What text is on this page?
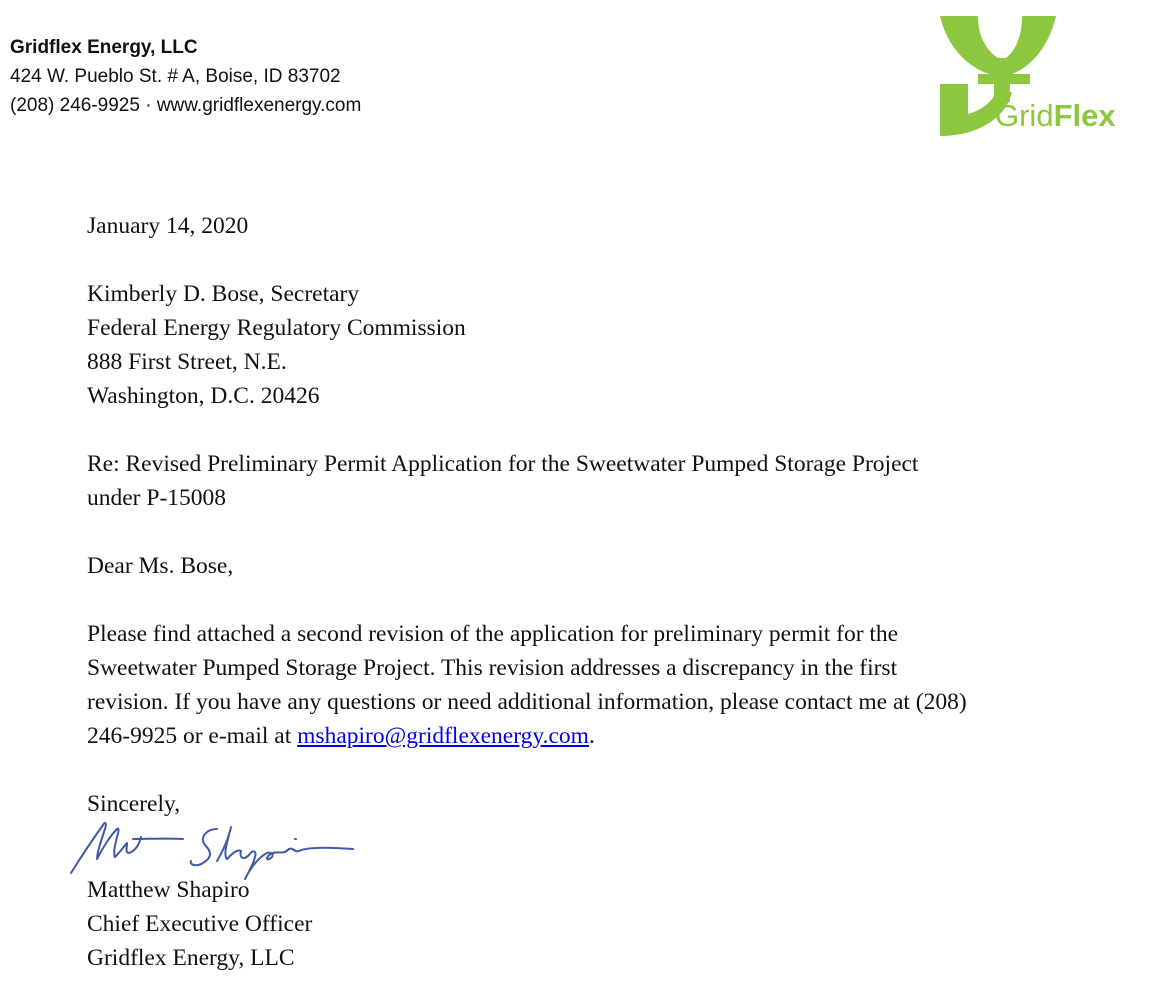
Gridflex Energy, LLC
424 W. Pueblo St. # A, Boise, ID 83702
(208) 246-9925 · www.gridflexenergy.com	GridFlex

January 14, 2020

Kimberly D. Bose, Secretary
Federal Energy Regulatory Commission
888 First Street, N.E.
Washington, D.C. 20426

Re: Revised Preliminary Permit Application for the Sweetwater Pumped Storage Project
under P-15008

Dear Ms. Bose,

Please find attached a second revision of the application for preliminary permit for the
Sweetwater Pumped Storage Project. This revision addresses a discrepancy in the first
revision. If you have any questions or need additional information, please contact me at (208)
246-9925 or e-mail at mshapiro@gridflexenergy.com.

Sincerely,

Matthew Shapiro
Chief Executive Officer
Gridflex Energy, LLC
